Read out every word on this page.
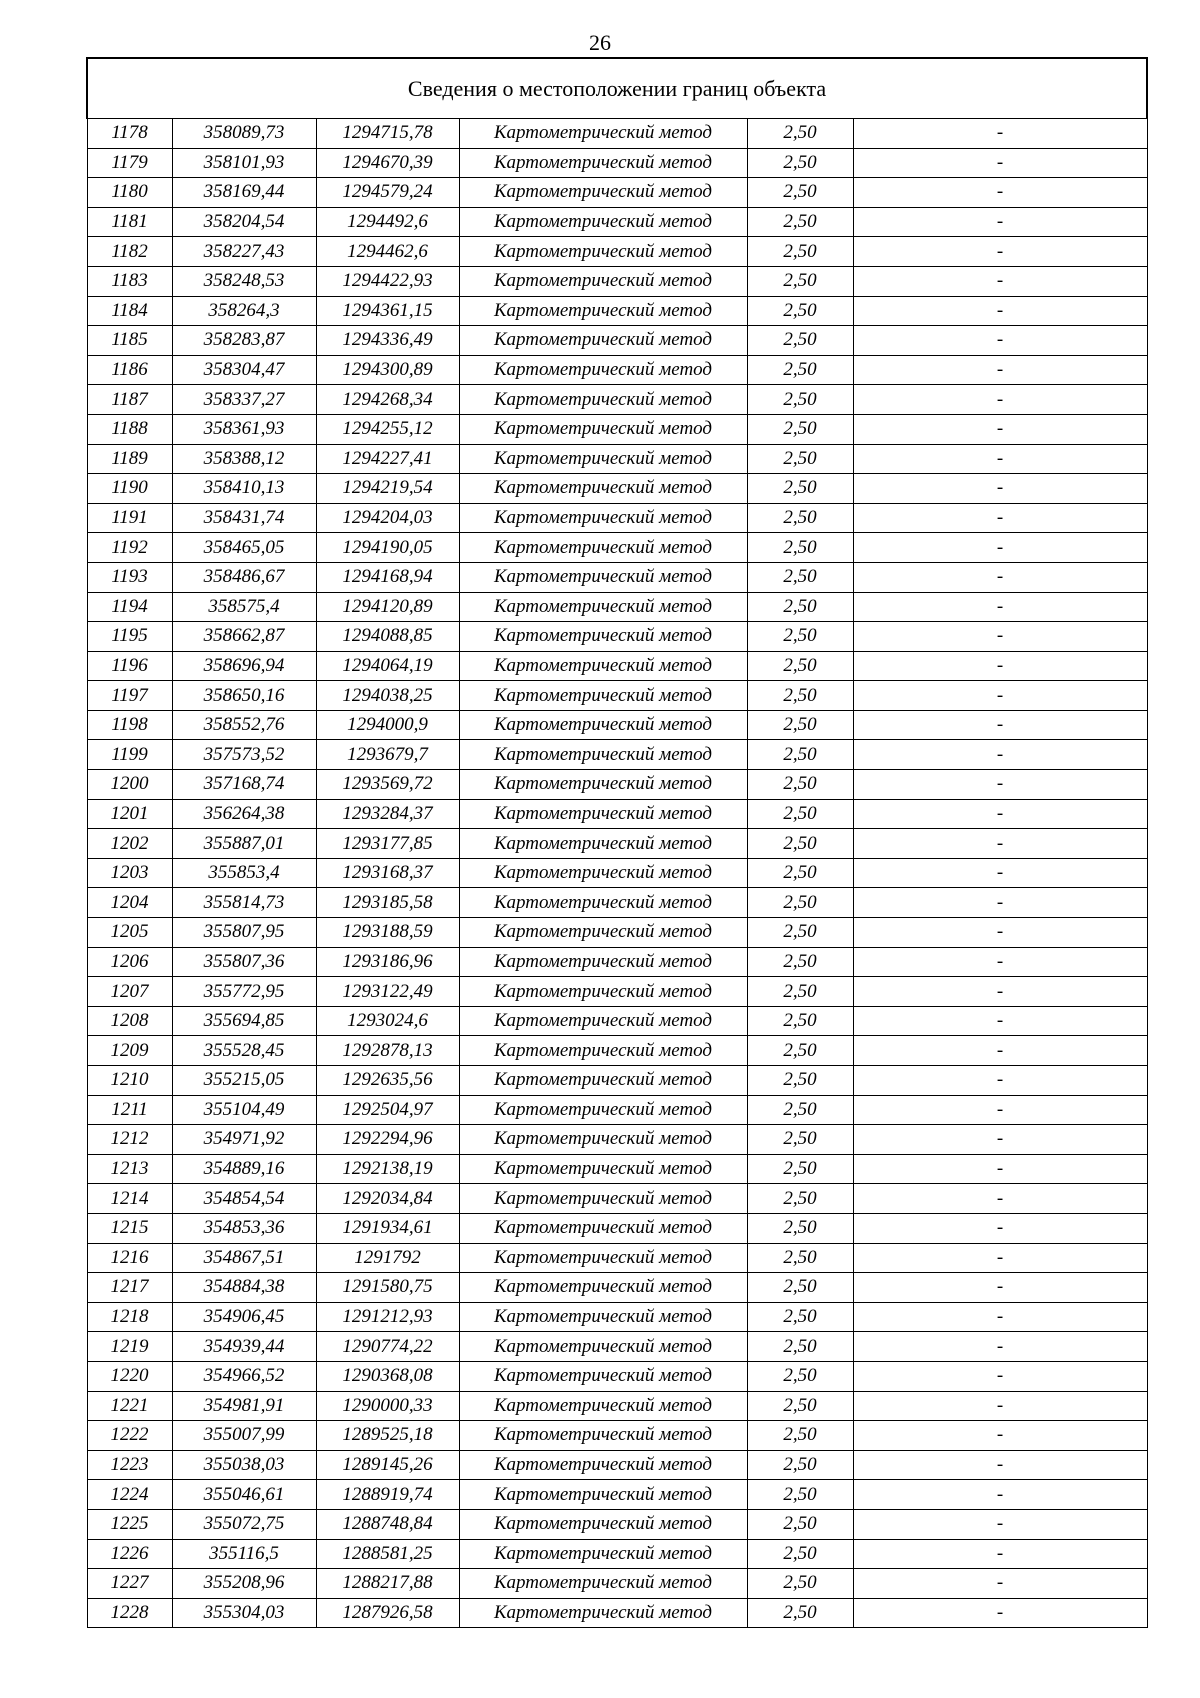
26
Сведения о местоположении границ объекта					
1178	358089,73	1294715,78	Картометрический метод	2,50	-
1179	358101,93	1294670,39	Картометрический метод	2,50	-
1180	358169,44	1294579,24	Картометрический метод	2,50	-
1181	358204,54	1294492,6	Картометрический метод	2,50	-
1182	358227,43	1294462,6	Картометрический метод	2,50	-
1183	358248,53	1294422,93	Картометрический метод	2,50	-
1184	358264,3	1294361,15	Картометрический метод	2,50	-
1185	358283,87	1294336,49	Картометрический метод	2,50	-
1186	358304,47	1294300,89	Картометрический метод	2,50	-
1187	358337,27	1294268,34	Картометрический метод	2,50	-
1188	358361,93	1294255,12	Картометрический метод	2,50	-
1189	358388,12	1294227,41	Картометрический метод	2,50	-
1190	358410,13	1294219,54	Картометрический метод	2,50	-
1191	358431,74	1294204,03	Картометрический метод	2,50	-
1192	358465,05	1294190,05	Картометрический метод	2,50	-
1193	358486,67	1294168,94	Картометрический метод	2,50	-
1194	358575,4	1294120,89	Картометрический метод	2,50	-
1195	358662,87	1294088,85	Картометрический метод	2,50	-
1196	358696,94	1294064,19	Картометрический метод	2,50	-
1197	358650,16	1294038,25	Картометрический метод	2,50	-
1198	358552,76	1294000,9	Картометрический метод	2,50	-
1199	357573,52	1293679,7	Картометрический метод	2,50	-
1200	357168,74	1293569,72	Картометрический метод	2,50	-
1201	356264,38	1293284,37	Картометрический метод	2,50	-
1202	355887,01	1293177,85	Картометрический метод	2,50	-
1203	355853,4	1293168,37	Картометрический метод	2,50	-
1204	355814,73	1293185,58	Картометрический метод	2,50	-
1205	355807,95	1293188,59	Картометрический метод	2,50	-
1206	355807,36	1293186,96	Картометрический метод	2,50	-
1207	355772,95	1293122,49	Картометрический метод	2,50	-
1208	355694,85	1293024,6	Картометрический метод	2,50	-
1209	355528,45	1292878,13	Картометрический метод	2,50	-
1210	355215,05	1292635,56	Картометрический метод	2,50	-
1211	355104,49	1292504,97	Картометрический метод	2,50	-
1212	354971,92	1292294,96	Картометрический метод	2,50	-
1213	354889,16	1292138,19	Картометрический метод	2,50	-
1214	354854,54	1292034,84	Картометрический метод	2,50	-
1215	354853,36	1291934,61	Картометрический метод	2,50	-
1216	354867,51	1291792	Картометрический метод	2,50	-
1217	354884,38	1291580,75	Картометрический метод	2,50	-
1218	354906,45	1291212,93	Картометрический метод	2,50	-
1219	354939,44	1290774,22	Картометрический метод	2,50	-
1220	354966,52	1290368,08	Картометрический метод	2,50	-
1221	354981,91	1290000,33	Картометрический метод	2,50	-
1222	355007,99	1289525,18	Картометрический метод	2,50	-
1223	355038,03	1289145,26	Картометрический метод	2,50	-
1224	355046,61	1288919,74	Картометрический метод	2,50	-
1225	355072,75	1288748,84	Картометрический метод	2,50	-
1226	355116,5	1288581,25	Картометрический метод	2,50	-
1227	355208,96	1288217,88	Картометрический метод	2,50	-
1228	355304,03	1287926,58	Картометрический метод	2,50	-
